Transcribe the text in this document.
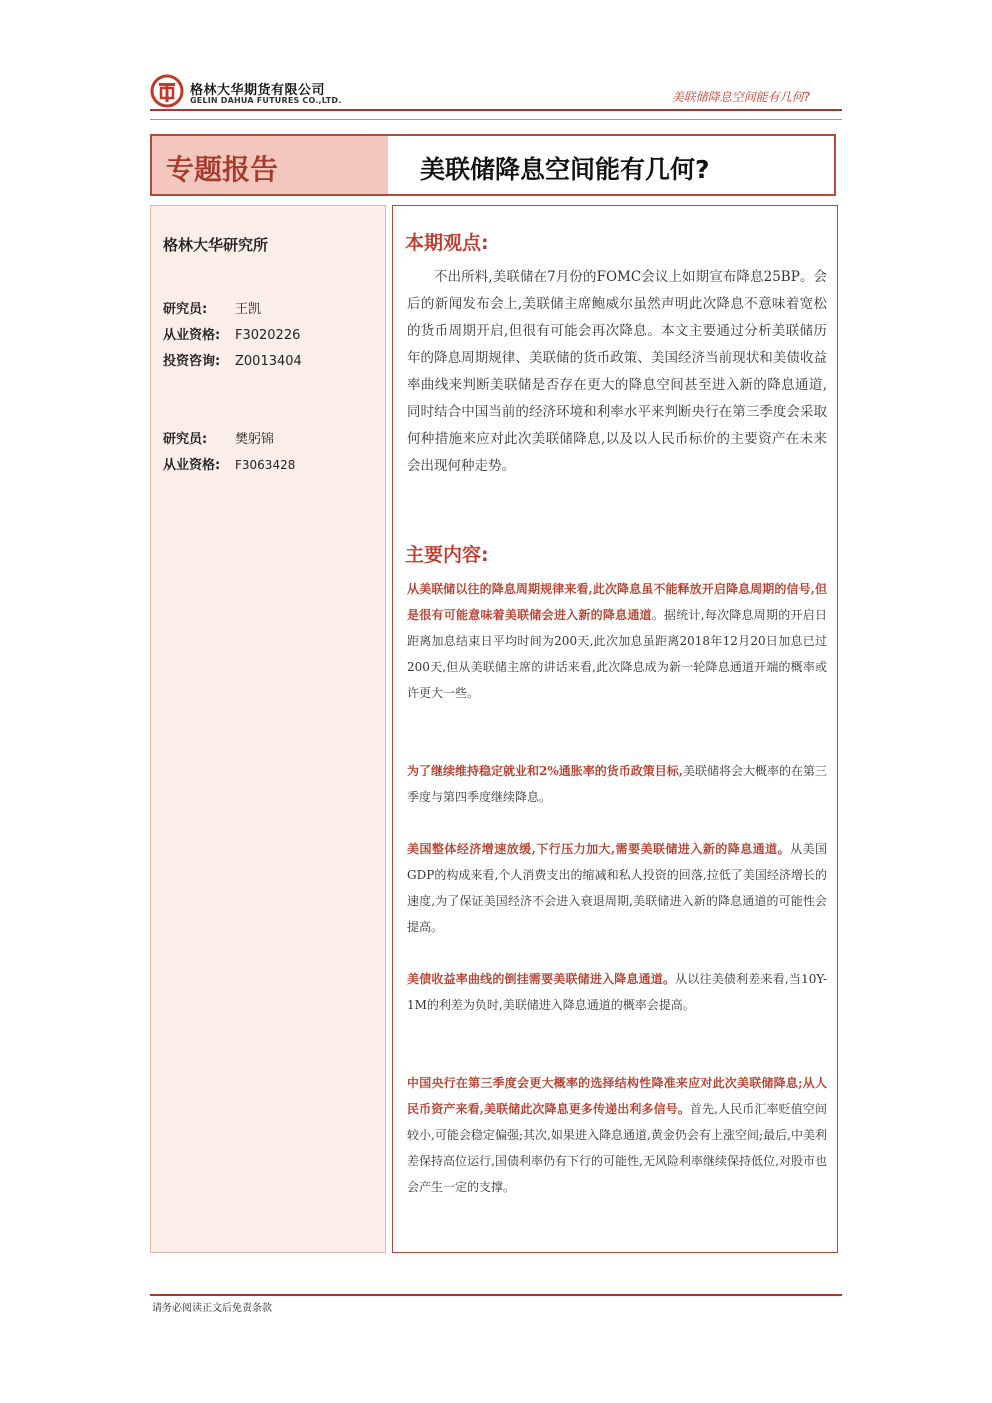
格林大华期货有限公司
GELIN DAHUA FUTURES CO.,LTD.	美联储降息空间能有几何?
专题报告	美联储降息空间能有几何?
格林大华研究所
研究员: 王凯
从业资格: F3020226
投资咨询: Z0013404
研究员: 樊躬锦
从业资格: F3063428
本期观点:
不出所料,美联储在7月份的FOMC会议上如期宣布降息25BP。会后的新闻发布会上,美联储主席鲍威尔虽然声明此次降息不意味着宽松的货币周期开启,但很有可能会再次降息。本文主要通过分析美联储历年的降息周期规律、美联储的货币政策、美国经济当前现状和美债收益率曲线来判断美联储是否存在更大的降息空间甚至进入新的降息通道,同时结合中国当前的经济环境和利率水平来判断央行在第三季度会采取何种措施来应对此次美联储降息,以及以人民币标价的主要资产在未来会出现何种走势。
主要内容:
从美联储以往的降息周期规律来看,此次降息虽不能释放开启降息周期的信号,但是很有可能意味着美联储会进入新的降息通道。据统计,每次降息周期的开启日距离加息结束日平均时间为200天,此次加息虽距离2018年12月20日加息已过200天,但从美联储主席的讲话来看,此次降息成为新一轮降息通道开端的概率或许更大一些。
为了继续维持稳定就业和2%通胀率的货币政策目标,美联储将会大概率的在第三季度与第四季度继续降息。
美国整体经济增速放缓,下行压力加大,需要美联储进入新的降息通道。从美国GDP的构成来看,个人消费支出的缩减和私人投资的回落,拉低了美国经济增长的速度,为了保证美国经济不会进入衰退周期,美联储进入新的降息通道的可能性会提高。
美债收益率曲线的倒挂需要美联储进入降息通道。从以往美债利差来看,当10Y-1M的利差为负时,美联储进入降息通道的概率会提高。
中国央行在第三季度会更大概率的选择结构性降准来应对此次美联储降息;从人民币资产来看,美联储此次降息更多传递出利多信号。首先,人民币汇率贬值空间较小,可能会稳定偏强;其次,如果进入降息通道,黄金仍会有上涨空间;最后,中美利差保持高位运行,国债利率仍有下行的可能性,无风险利率继续保持低位,对股市也会产生一定的支撑。
请务必阅读正文后免责条款
